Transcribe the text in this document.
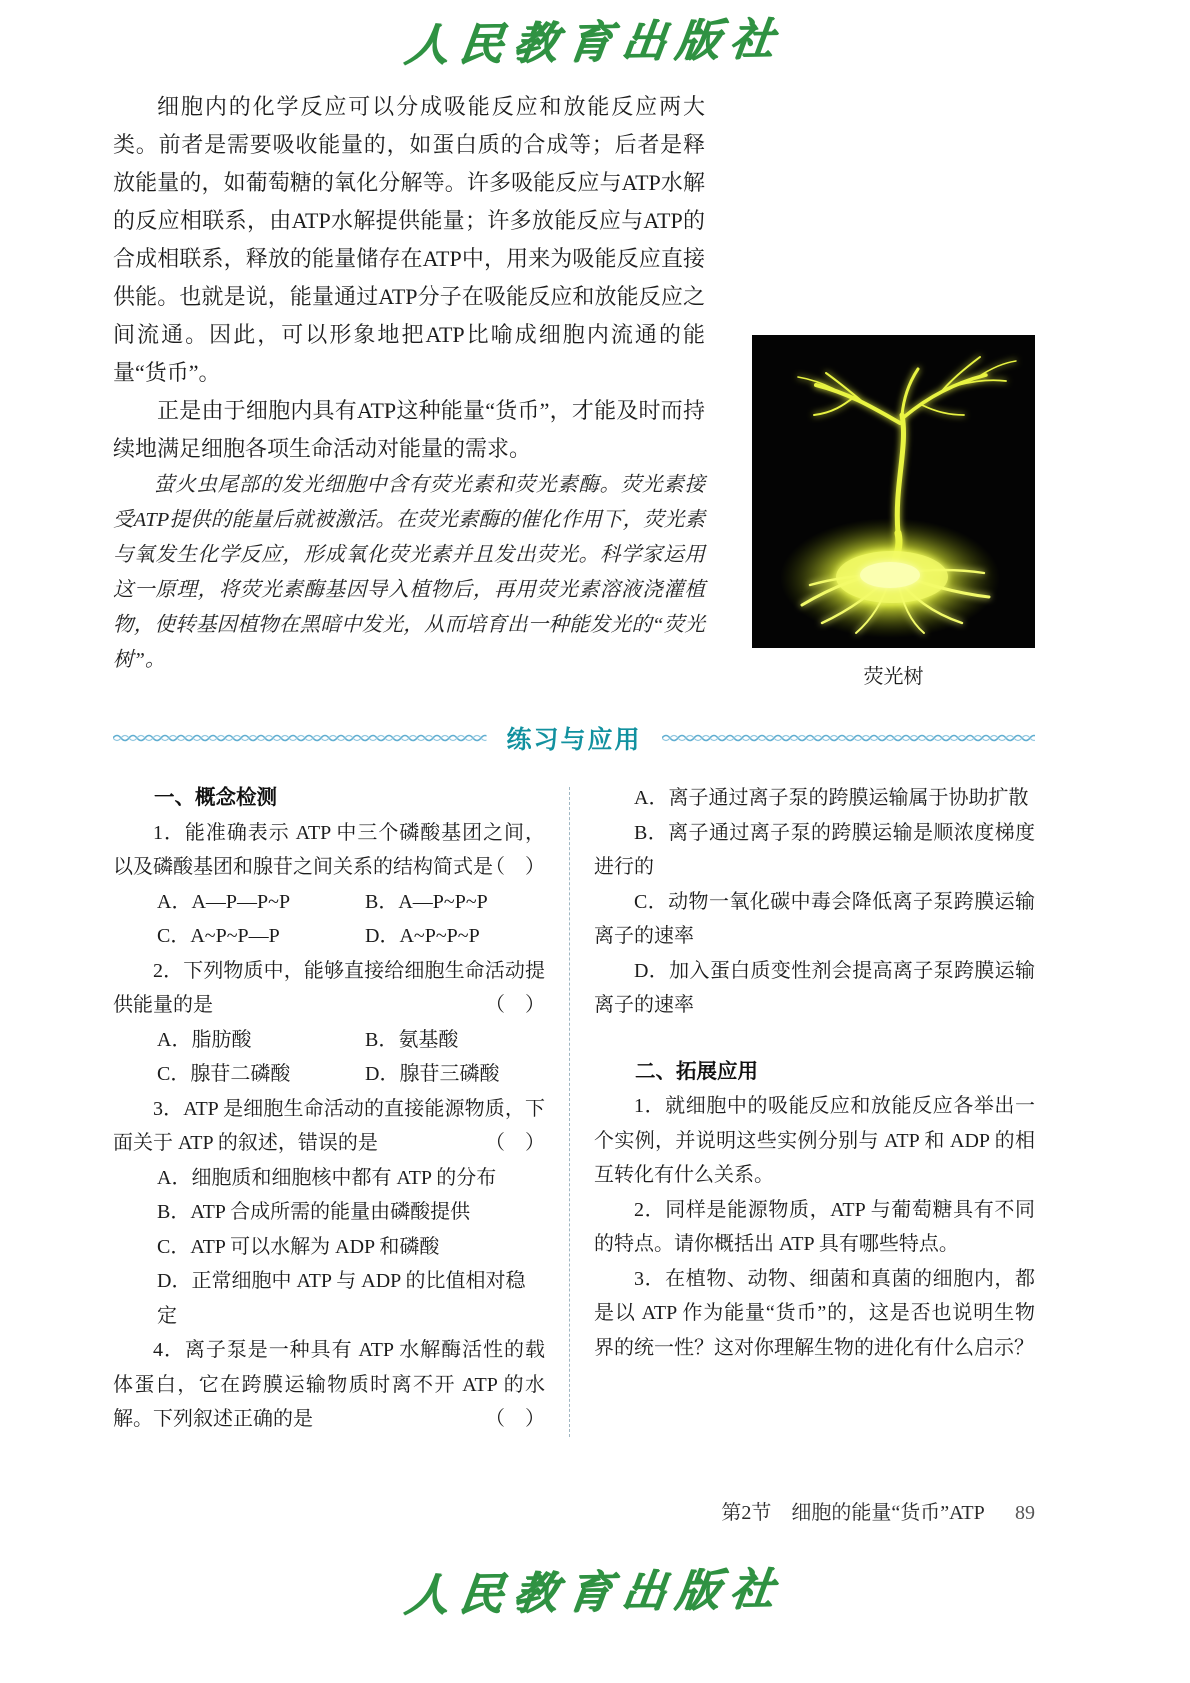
人民教育出版社

细胞内的化学反应可以分成吸能反应和放能反应两大类。前者是需要吸收能量的，如蛋白质的合成等；后者是释放能量的，如葡萄糖的氧化分解等。许多吸能反应与ATP水解的反应相联系，由ATP水解提供能量；许多放能反应与ATP的合成相联系，释放的能量储存在ATP中，用来为吸能反应直接供能。也就是说，能量通过ATP分子在吸能反应和放能反应之间流通。因此，可以形象地把ATP比喻成细胞内流通的能量“货币”。

正是由于细胞内具有ATP这种能量“货币”，才能及时而持续地满足细胞各项生命活动对能量的需求。

萤火虫尾部的发光细胞中含有荧光素和荧光素酶。荧光素接受ATP提供的能量后就被激活。在荧光素酶的催化作用下，荧光素与氧发生化学反应，形成氧化荧光素并且发出荧光。科学家运用这一原理，将荧光素酶基因导入植物后，再用荧光素溶液浇灌植物，使转基因植物在黑暗中发光，从而培育出一种能发光的“荧光树”。

荧光树
练习与应用
一、概念检测

1．能准确表示 ATP 中三个磷酸基团之间，以及磷酸基团和腺苷之间关系的结构简式是
（　）

A．A—P—P~P	B．A—P~P~P
C．A~P~P—P	D．A~P~P~P

2．下列物质中，能够直接给细胞生命活动提供能量的是	（　）

A．脂肪酸	B．氨基酸
C．腺苷二磷酸	D．腺苷三磷酸

3．ATP 是细胞生命活动的直接能源物质，下面关于 ATP 的叙述，错误的是	（　）

A．细胞质和细胞核中都有 ATP 的分布
B．ATP 合成所需的能量由磷酸提供
C．ATP 可以水解为 ADP 和磷酸
D．正常细胞中 ATP 与 ADP 的比值相对稳定

4．离子泵是一种具有 ATP 水解酶活性的载体蛋白，它在跨膜运输物质时离不开 ATP 的水解。下列叙述正确的是	（　）

A．离子通过离子泵的跨膜运输属于协助扩散

B．离子通过离子泵的跨膜运输是顺浓度梯度进行的

C．动物一氧化碳中毒会降低离子泵跨膜运输离子的速率

D．加入蛋白质变性剂会提高离子泵跨膜运输离子的速率

二、拓展应用

1．就细胞中的吸能反应和放能反应各举出一个实例，并说明这些实例分别与 ATP 和 ADP 的相互转化有什么关系。

2．同样是能源物质，ATP 与葡萄糖具有不同的特点。请你概括出 ATP 具有哪些特点。

3．在植物、动物、细菌和真菌的细胞内，都是以 ATP 作为能量“货币”的，这是否也说明生物界的统一性？这对你理解生物的进化有什么启示？

第2节　细胞的能量“货币”ATP 89
人民教育出版社
